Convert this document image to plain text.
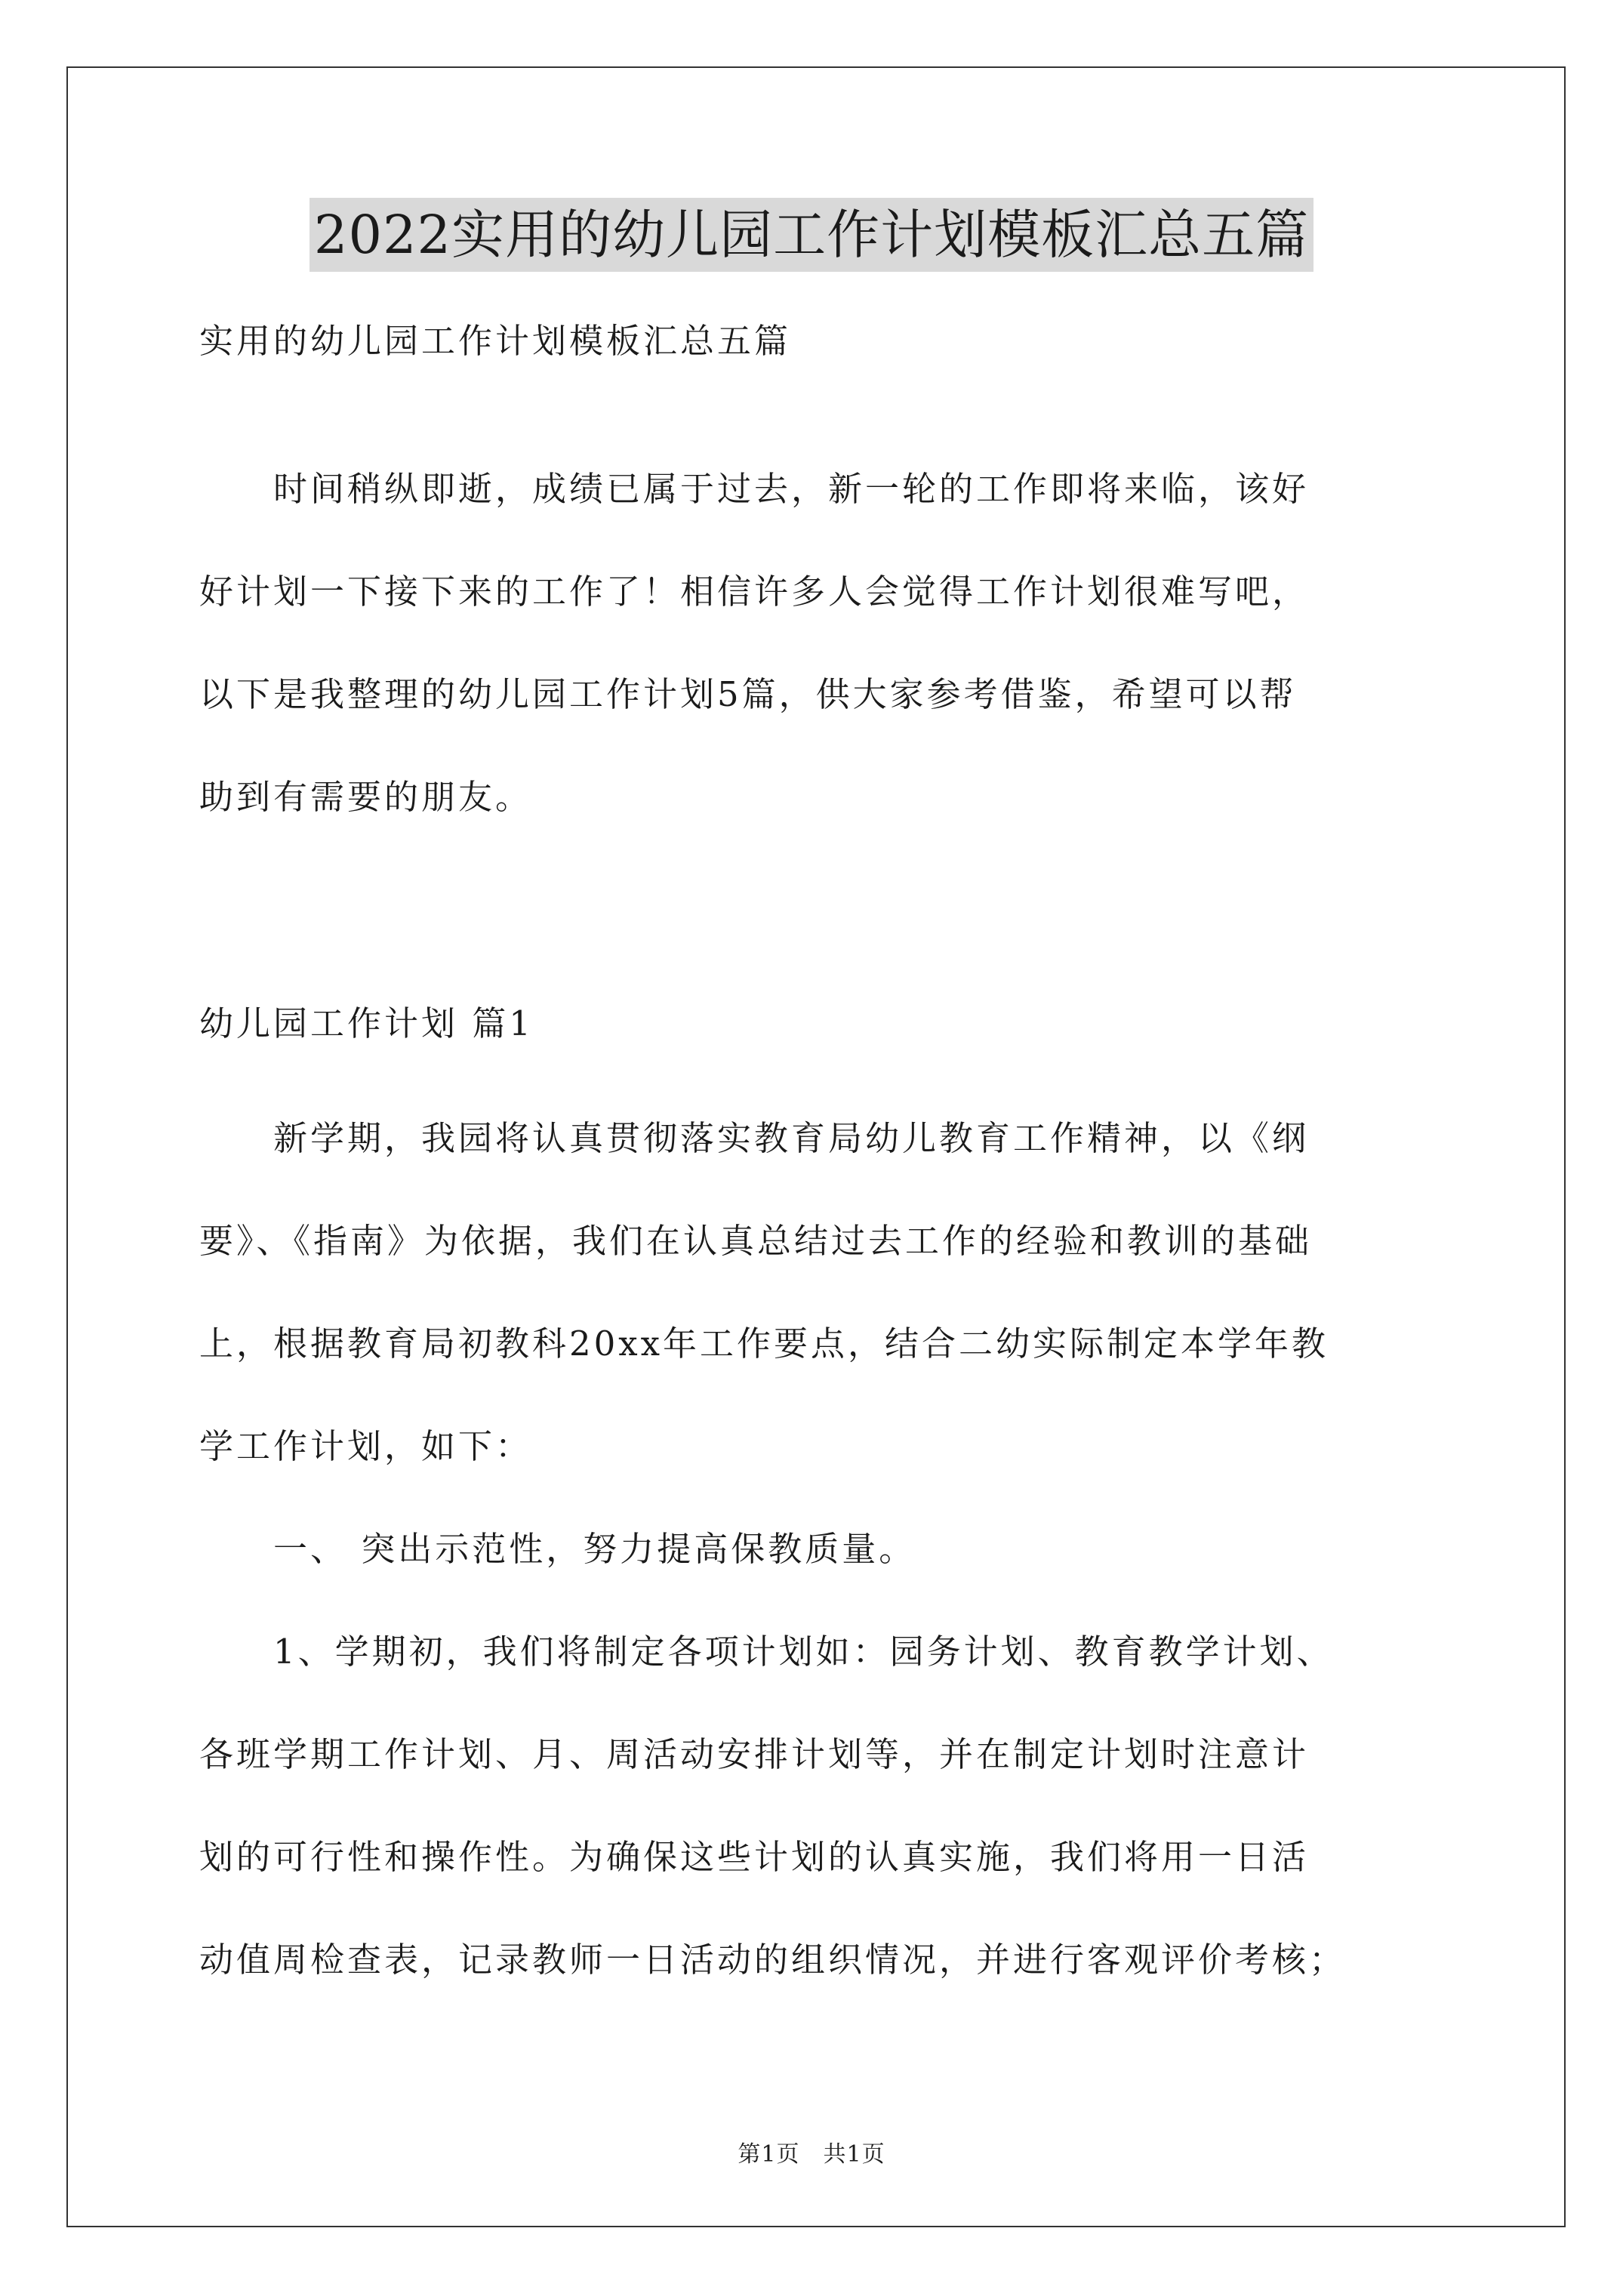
2022实用的幼儿园工作计划模板汇总五篇
实用的幼儿园工作计划模板汇总五篇
　　时间稍纵即逝，成绩已属于过去，新一轮的工作即将来临，该好
好计划一下接下来的工作了！相信许多人会觉得工作计划很难写吧，
以下是我整理的幼儿园工作计划5篇，供大家参考借鉴，希望可以帮
助到有需要的朋友。
幼儿园工作计划 篇1
　　新学期，我园将认真贯彻落实教育局幼儿教育工作精神，以《纲
要》、《指南》为依据，我们在认真总结过去工作的经验和教训的基础
上，根据教育局初教科20xx年工作要点，结合二幼实际制定本学年教
学工作计划，如下：
　　一、 突出示范性，努力提高保教质量。
　　1、学期初，我们将制定各项计划如：园务计划、教育教学计划、
各班学期工作计划、月、周活动安排计划等，并在制定计划时注意计
划的可行性和操作性。为确保这些计划的认真实施，我们将用一日活
动值周检查表，记录教师一日活动的组织情况，并进行客观评价考核；
第1页　共1页
